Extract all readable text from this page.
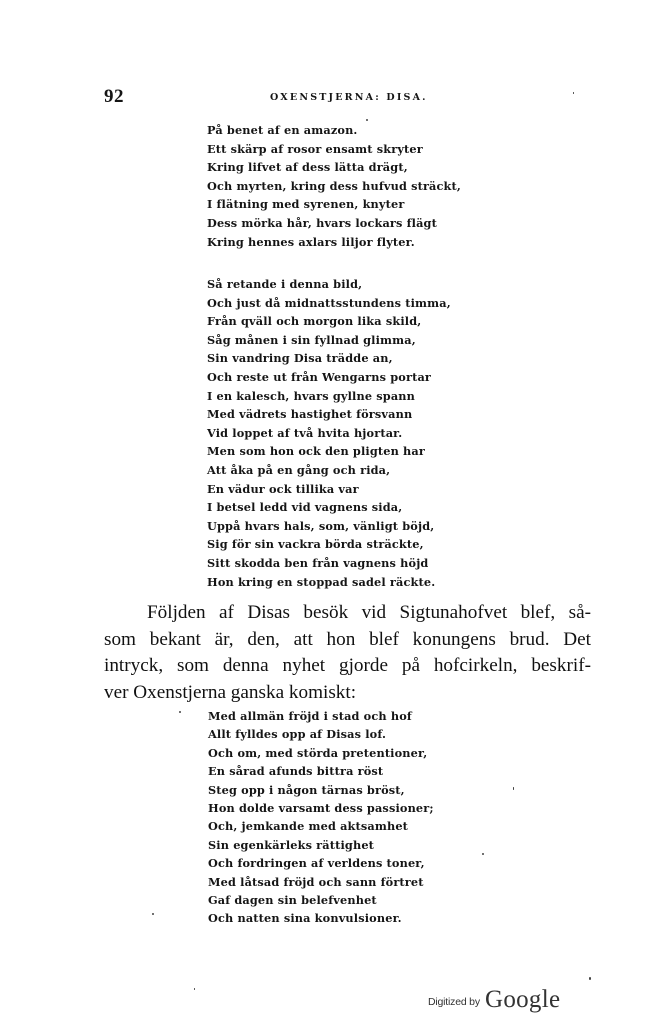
92	OXENSTJERNA: DISA.
På benet af en amazon.
Ett skärp af rosor ensamt skryter
Kring lifvet af dess lätta drägt,
Och myrten, kring dess hufvud sträckt,
I flätning med syrenen, knyter
Dess mörka hår, hvars lockars flägt
Kring hennes axlars liljor flyter.
Så retande i denna bild,
Och just då midnattsstundens timma,
Från qväll och morgon lika skild,
Såg månen i sin fyllnad glimma,
Sin vandring Disa trädde an,
Och reste ut från Wengarns portar
I en kalesch, hvars gyllne spann
Med vädrets hastighet försvann
Vid loppet af två hvita hjortar.
Men som hon ock den pligten har
Att åka på en gång och rida,
En vädur ock tillika var
I betsel ledd vid vagnens sida,
Uppå hvars hals, som, vänligt böjd,
Sig för sin vackra börda sträckte,
Sitt skodda ben från vagnens höjd
Hon kring en stoppad sadel räckte.
Följden af Disas besök vid Sigtunahofvet blef, så-
som bekant är, den, att hon blef konungens brud. Det
intryck, som denna nyhet gjorde på hofcirkeln, beskrif-
ver Oxenstjerna ganska komiskt:
Med allmän fröjd i stad och hof
Allt fylldes opp af Disas lof.
Och om, med störda pretentioner,
En sårad afunds bittra röst
Steg opp i någon tärnas bröst,
Hon dolde varsamt dess passioner;
Och, jemkande med aktsamhet
Sin egenkärleks rättighet
Och fordringen af verldens toner,
Med låtsad fröjd och sann förtret
Gaf dagen sin belefvenhet
Och natten sina konvulsioner.
Digitized by Google
